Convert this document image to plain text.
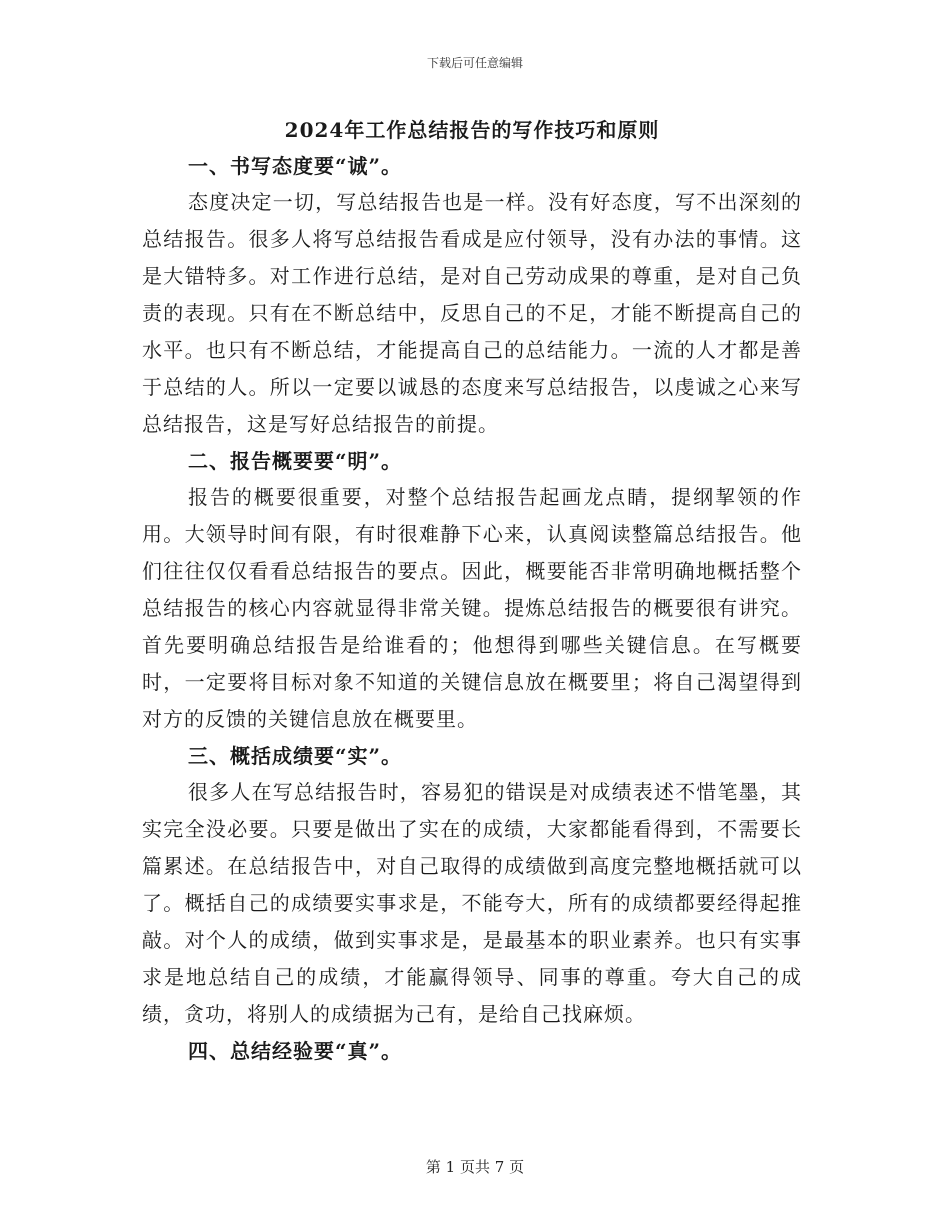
下载后可任意编辑
2024年工作总结报告的写作技巧和原则
一、书写态度要“诚”。

态度决定一切，写总结报告也是一样。没有好态度，写不出深刻的总结报告。很多人将写总结报告看成是应付领导，没有办法的事情。这是大错特多。对工作进行总结，是对自己劳动成果的尊重，是对自己负责的表现。只有在不断总结中，反思自己的不足，才能不断提高自己的水平。也只有不断总结，才能提高自己的总结能力。一流的人才都是善于总结的人。所以一定要以诚恳的态度来写总结报告，以虔诚之心来写总结报告，这是写好总结报告的前提。

二、报告概要要“明”。

报告的概要很重要，对整个总结报告起画龙点睛，提纲挈领的作用。大领导时间有限，有时很难静下心来，认真阅读整篇总结报告。他们往往仅仅看看总结报告的要点。因此，概要能否非常明确地概括整个总结报告的核心内容就显得非常关键。提炼总结报告的概要很有讲究。首先要明确总结报告是给谁看的；他想得到哪些关键信息。在写概要时，一定要将目标对象不知道的关键信息放在概要里；将自己渴望得到对方的反馈的关键信息放在概要里。

三、概括成绩要“实”。

很多人在写总结报告时，容易犯的错误是对成绩表述不惜笔墨，其实完全没必要。只要是做出了实在的成绩，大家都能看得到，不需要长篇累述。在总结报告中，对自己取得的成绩做到高度完整地概括就可以了。概括自己的成绩要实事求是，不能夸大，所有的成绩都要经得起推敲。对个人的成绩，做到实事求是，是最基本的职业素养。也只有实事求是地总结自己的成绩，才能赢得领导、同事的尊重。夸大自己的成绩，贪功，将别人的成绩据为己有，是给自己找麻烦。

四、总结经验要“真”。
第 1 页共 7 页
